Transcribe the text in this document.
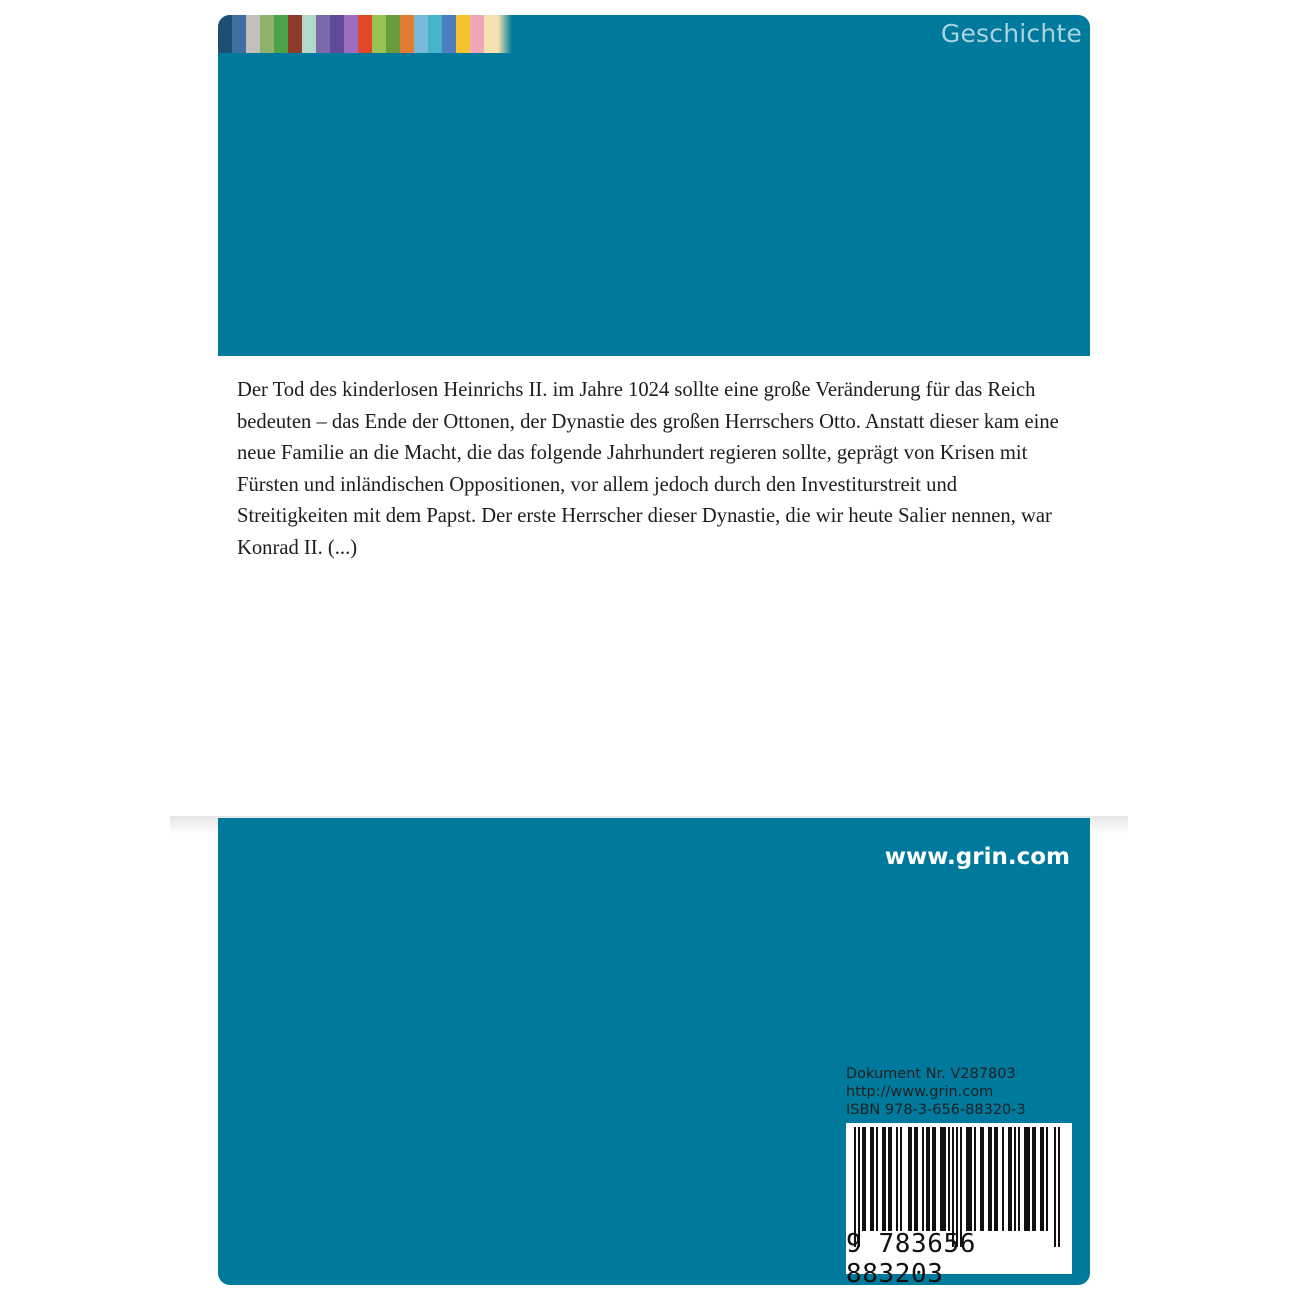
Geschichte

Der Tod des kinderlosen Heinrichs II. im Jahre 1024 sollte eine große Veränderung für das Reich bedeuten – das Ende der Ottonen, der Dynastie des großen Herrschers Otto. Anstatt dieser kam eine neue Familie an die Macht, die das folgende Jahrhundert regieren sollte, geprägt von Krisen mit Fürsten und inländischen Oppositionen, vor allem jedoch durch den Investiturstreit und Streitigkeiten mit dem Papst. Der erste Herrscher dieser Dynastie, die wir heute Salier nennen, war Konrad II. (...)

www.grin.com
Dokument Nr. V287803
http://www.grin.com
ISBN 978-3-656-88320-3
9 783656 883203
